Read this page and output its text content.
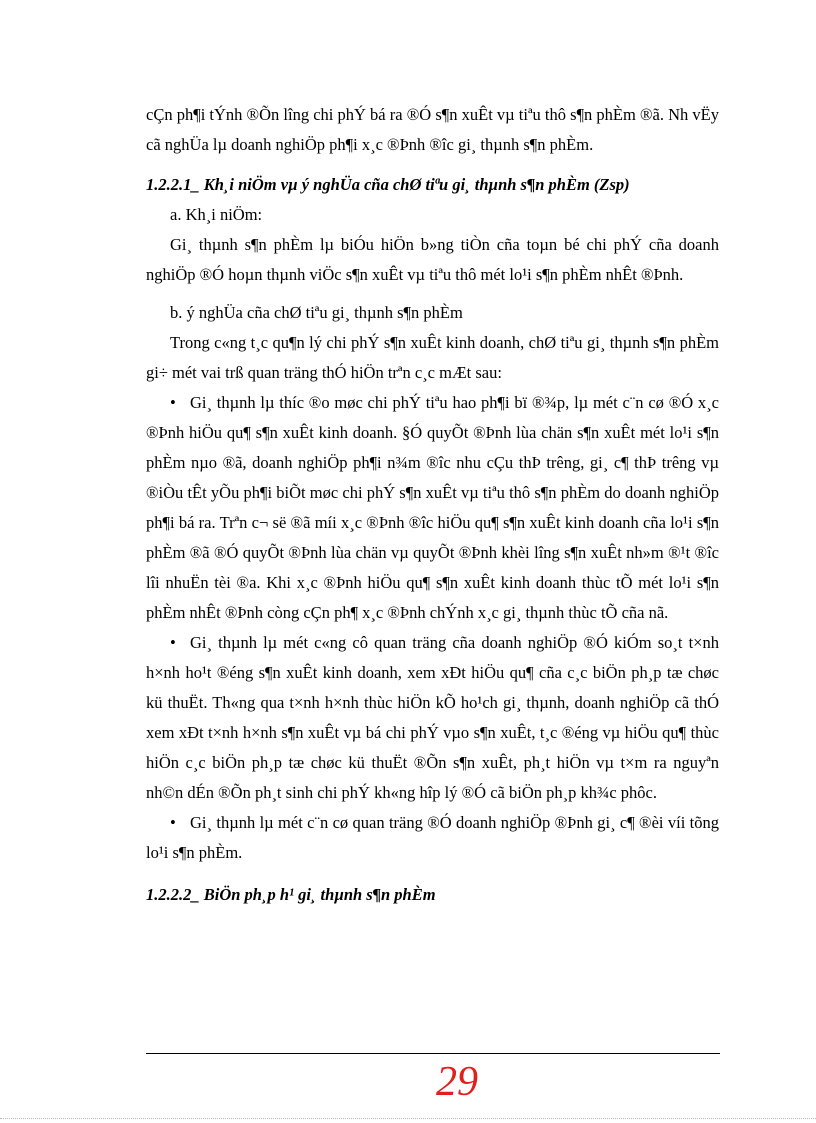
cÇn ph¶i tÝnh ®Õn lîng chi phÝ bá ra ®Ó s¶n xuÊt vµ tiªu thô s¶n phÈm ®ã. Nh vËy cã nghÜa lµ doanh nghiÖp ph¶i x¸c ®Þnh ®îc gi¸ thµnh s¶n phÈm.

1.2.2.1_ Kh¸i niÖm vµ ý nghÜa cña chØ tiªu gi¸ thµnh s¶n phÈm (Zsp)

a. Kh¸i niÖm:

Gi¸ thµnh s¶n phÈm lµ biÓu hiÖn b»ng tiÒn cña toµn bé chi phÝ cña doanh nghiÖp ®Ó hoµn thµnh viÖc s¶n xuÊt vµ tiªu thô mét lo¹i s¶n phÈm nhÊt ®Þnh.

b. ý nghÜa cña chØ tiªu gi¸ thµnh s¶n phÈm

Trong c«ng t¸c qu¶n lý chi phÝ s¶n xuÊt kinh doanh, chØ tiªu gi¸ thµnh s¶n phÈm gi÷ mét vai trß quan träng thÓ hiÖn trªn c¸c mÆt sau:

• Gi¸ thµnh lµ thíc ®o møc chi phÝ tiªu hao ph¶i bï ®¾p, lµ mét c¨n cø ®Ó x¸c ®Þnh hiÖu qu¶ s¶n xuÊt kinh doanh. §Ó quyÕt ®Þnh lùa chän s¶n xuÊt mét lo¹i s¶n phÈm nµo ®ã, doanh nghiÖp ph¶i n¾m ®îc nhu cÇu thÞ trêng, gi¸ c¶ thÞ trêng vµ ®iÒu tÊt yÕu ph¶i biÕt møc chi phÝ s¶n xuÊt vµ tiªu thô s¶n phÈm do doanh nghiÖp ph¶i bá ra. Trªn c¬ së ®ã míi x¸c ®Þnh ®îc hiÖu qu¶ s¶n xuÊt kinh doanh cña lo¹i s¶n phÈm ®ã ®Ó quyÕt ®Þnh lùa chän vµ quyÕt ®Þnh khèi lîng s¶n xuÊt nh»m ®¹t ®îc lîi nhuËn tèi ®a. Khi x¸c ®Þnh hiÖu qu¶ s¶n xuÊt kinh doanh thùc tÕ mét lo¹i s¶n phÈm nhÊt ®Þnh còng cÇn ph¶ x¸c ®Þnh chÝnh x¸c gi¸ thµnh thùc tÕ cña nã.

• Gi¸ thµnh lµ mét c«ng cô quan träng cña doanh nghiÖp ®Ó kiÓm so¸t t×nh h×nh ho¹t ®éng s¶n xuÊt kinh doanh, xem xÐt hiÖu qu¶ cña c¸c biÖn ph¸p tæ chøc kü thuËt. Th«ng qua t×nh h×nh thùc hiÖn kÕ ho¹ch gi¸ thµnh, doanh nghiÖp cã thÓ xem xÐt t×nh h×nh s¶n xuÊt vµ bá chi phÝ vµo s¶n xuÊt, t¸c ®éng vµ hiÖu qu¶ thùc hiÖn c¸c biÖn ph¸p tæ chøc kü thuËt ®Õn s¶n xuÊt, ph¸t hiÖn vµ t×m ra nguyªn nh©n dÉn ®Õn ph¸t sinh chi phÝ kh«ng hîp lý ®Ó cã biÖn ph¸p kh¾c phôc.

• Gi¸ thµnh lµ mét c¨n cø quan träng ®Ó doanh nghiÖp ®Þnh gi¸ c¶ ®èi víi tõng lo¹i s¶n phÈm.

1.2.2.2_ BiÖn ph¸p h¹ gi¸ thµnh s¶n phÈm

29
